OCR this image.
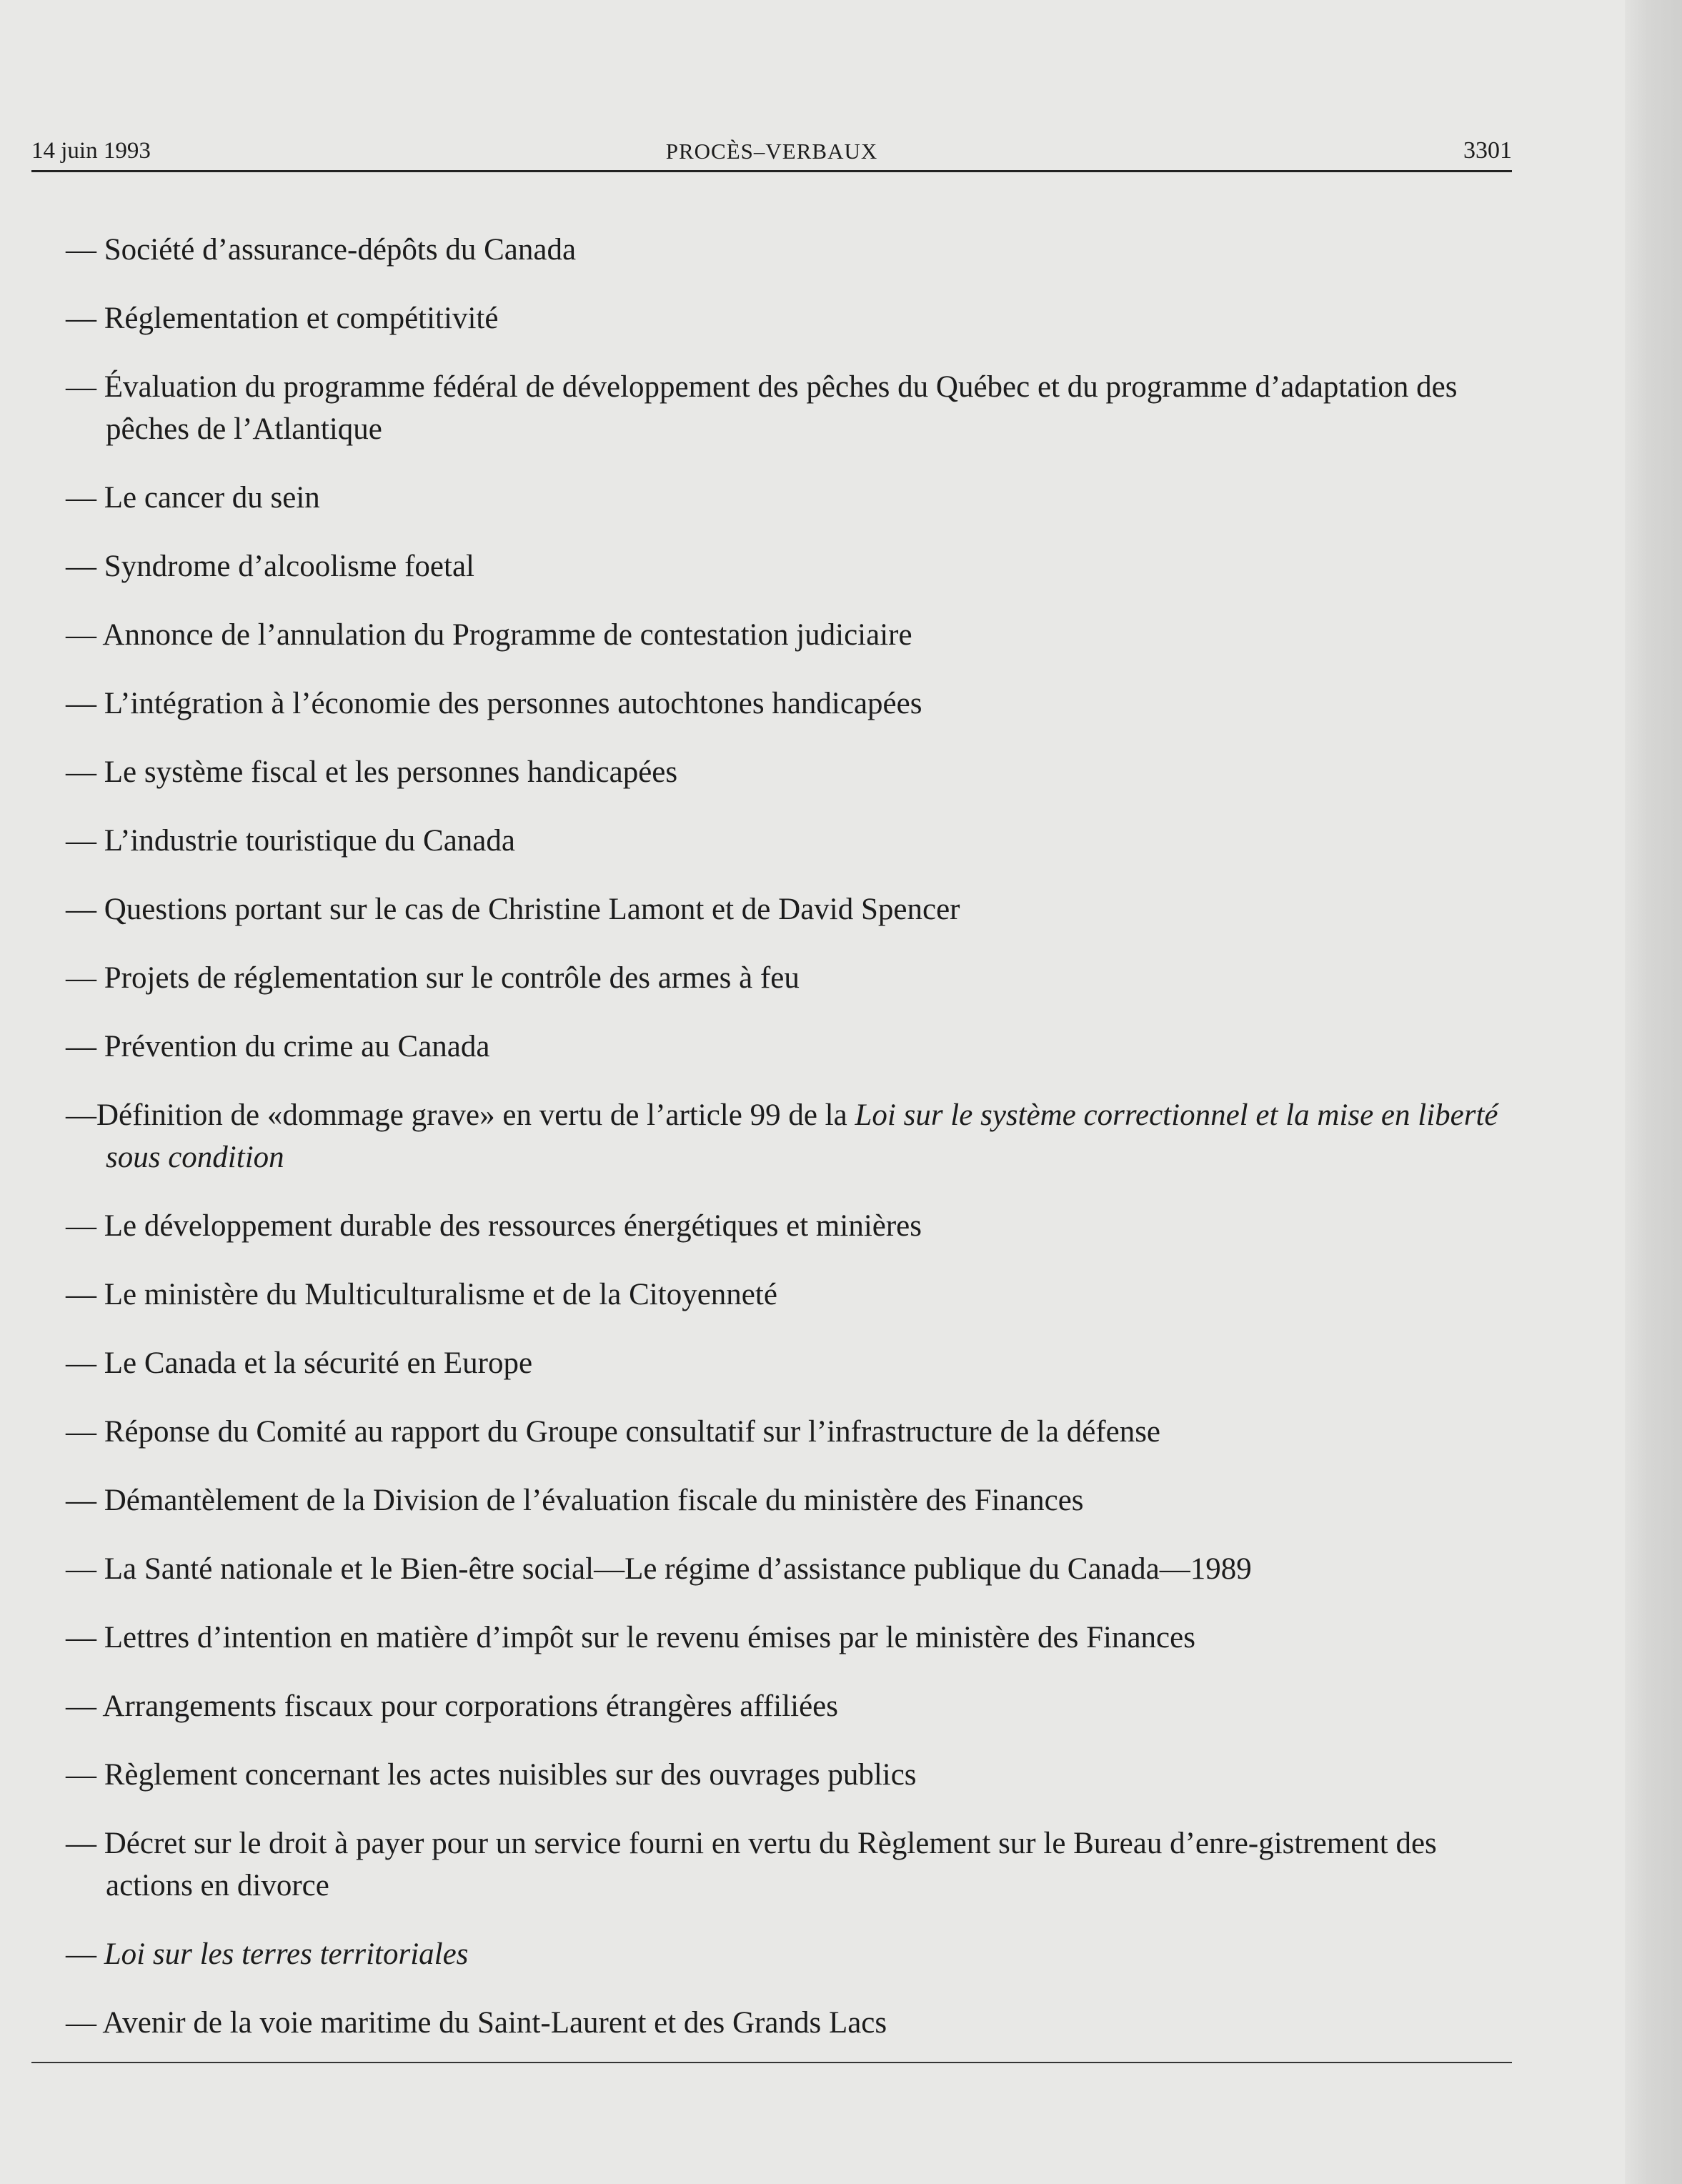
14 juin 1993	PROCÈS–VERBAUX	3301
— Société d’assurance-dépôts du Canada
— Réglementation et compétitivité
— Évaluation du programme fédéral de développement des pêches du Québec et du programme d’adaptation des pêches de l’Atlantique
— Le cancer du sein
— Syndrome d’alcoolisme foetal
— Annonce de l’annulation du Programme de contestation judiciaire
— L’intégration à l’économie des personnes autochtones handicapées
— Le système fiscal et les personnes handicapées
— L’industrie touristique du Canada
— Questions portant sur le cas de Christine Lamont et de David Spencer
— Projets de réglementation sur le contrôle des armes à feu
— Prévention du crime au Canada
—Définition de «dommage grave» en vertu de l’article 99 de la Loi sur le système correctionnel et la mise en liberté sous condition
— Le développement durable des ressources énergétiques et minières
— Le ministère du Multiculturalisme et de la Citoyenneté
— Le Canada et la sécurité en Europe
— Réponse du Comité au rapport du Groupe consultatif sur l’infrastructure de la défense
— Démantèlement de la Division de l’évaluation fiscale du ministère des Finances
— La Santé nationale et le Bien-être social—Le régime d’assistance publique du Canada—1989
— Lettres d’intention en matière d’impôt sur le revenu émises par le ministère des Finances
— Arrangements fiscaux pour corporations étrangères affiliées
— Règlement concernant les actes nuisibles sur des ouvrages publics
— Décret sur le droit à payer pour un service fourni en vertu du Règlement sur le Bureau d’enre-gistrement des actions en divorce
— Loi sur les terres territoriales
— Avenir de la voie maritime du Saint-Laurent et des Grands Lacs
